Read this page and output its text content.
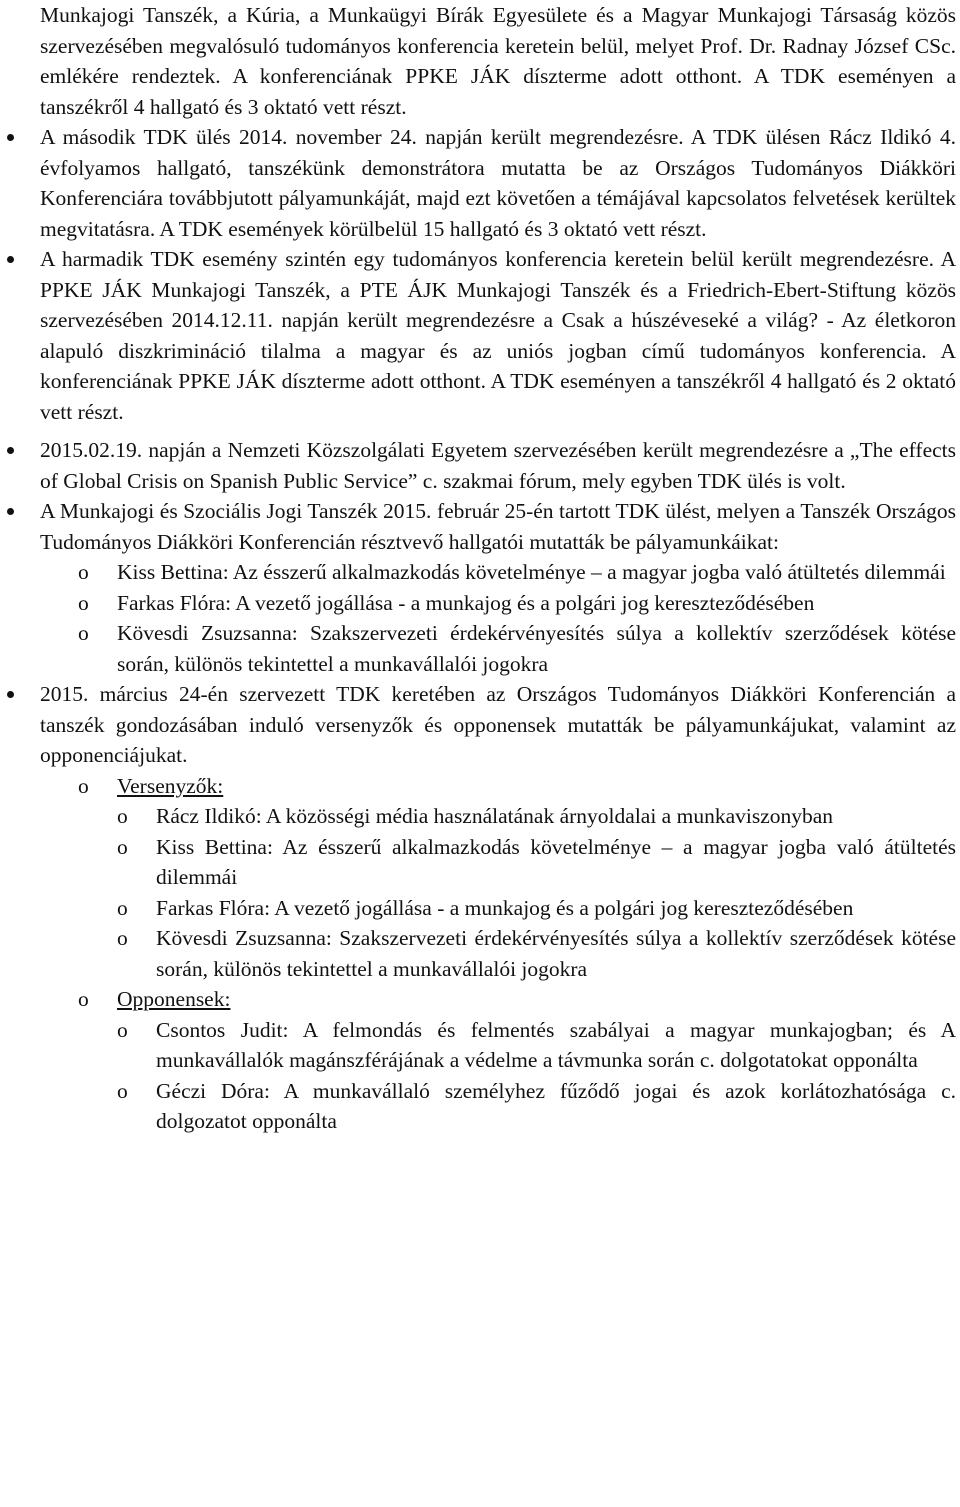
Munkajogi Tanszék, a Kúria, a Munkaügyi Bírák Egyesülete és a Magyar Munkajogi Társaság közös szervezésében megvalósuló tudományos konferencia keretein belül, melyet Prof. Dr. Radnay József CSc. emlékére rendeztek. A konferenciának PPKE JÁK díszterme adott otthont. A TDK eseményen a tanszékről 4 hallgató és 3 oktató vett részt.

A második TDK ülés 2014. november 24. napján került megrendezésre. A TDK ülésen Rácz Ildikó 4. évfolyamos hallgató, tanszékünk demonstrátora mutatta be az Országos Tudományos Diákköri Konferenciára továbbjutott pályamunkáját, majd ezt követően a témájával kapcsolatos felvetések kerültek megvitatásra. A TDK események körülbelül 15 hallgató és 3 oktató vett részt.
A harmadik TDK esemény szintén egy tudományos konferencia keretein belül került megrendezésre. A PPKE JÁK Munkajogi Tanszék, a PTE ÁJK Munkajogi Tanszék és a Friedrich-Ebert-Stiftung közös szervezésében 2014.12.11. napján került megrendezésre a Csak a húszéveseké a világ? - Az életkoron alapuló diszkrimináció tilalma a magyar és az uniós jogban című tudományos konferencia. A konferenciának PPKE JÁK díszterme adott otthont. A TDK eseményen a tanszékről 4 hallgató és 2 oktató vett részt.
2015.02.19. napján a Nemzeti Közszolgálati Egyetem szervezésében került megrendezésre a „The effects of Global Crisis on Spanish Public Service” c. szakmai fórum, mely egyben TDK ülés is volt.
A Munkajogi és Szociális Jogi Tanszék 2015. február 25-én tartott TDK ülést, melyen a Tanszék Országos Tudományos Diákköri Konferencián résztvevő hallgatói mutatták be pályamunkáikat:
o Kiss Bettina: Az ésszerű alkalmazkodás követelménye – a magyar jogba való átültetés dilemmái
o Farkas Flóra: A vezető jogállása - a munkajog és a polgári jog kereszteződésében
o Kövesdi Zsuzsanna: Szakszervezeti érdekérvényesítés súlya a kollektív szerződések kötése során, különös tekintettel a munkavállalói jogokra
2015. március 24-én szervezett TDK keretében az Országos Tudományos Diákköri Konferencián a tanszék gondozásában induló versenyzők és opponensek mutatták be pályamunkájukat, valamint az opponenciájukat.
o Versenyzők:
o Rácz Ildikó: A közösségi média használatának árnyoldalai a munkaviszonyban
o Kiss Bettina: Az ésszerű alkalmazkodás követelménye – a magyar jogba való átültetés dilemmái
o Farkas Flóra: A vezető jogállása - a munkajog és a polgári jog kereszteződésében
o Kövesdi Zsuzsanna: Szakszervezeti érdekérvényesítés súlya a kollektív szerződések kötése során, különös tekintettel a munkavállalói jogokra
o Opponensek:
o Csontos Judit: A felmondás és felmentés szabályai a magyar munkajogban; és A munkavállalók magánszférájának a védelme a távmunka során c. dolgotatokat opponálta
o Géczi Dóra: A munkavállaló személyhez fűződő jogai és azok korlátozhatósága c. dolgozatot opponálta
